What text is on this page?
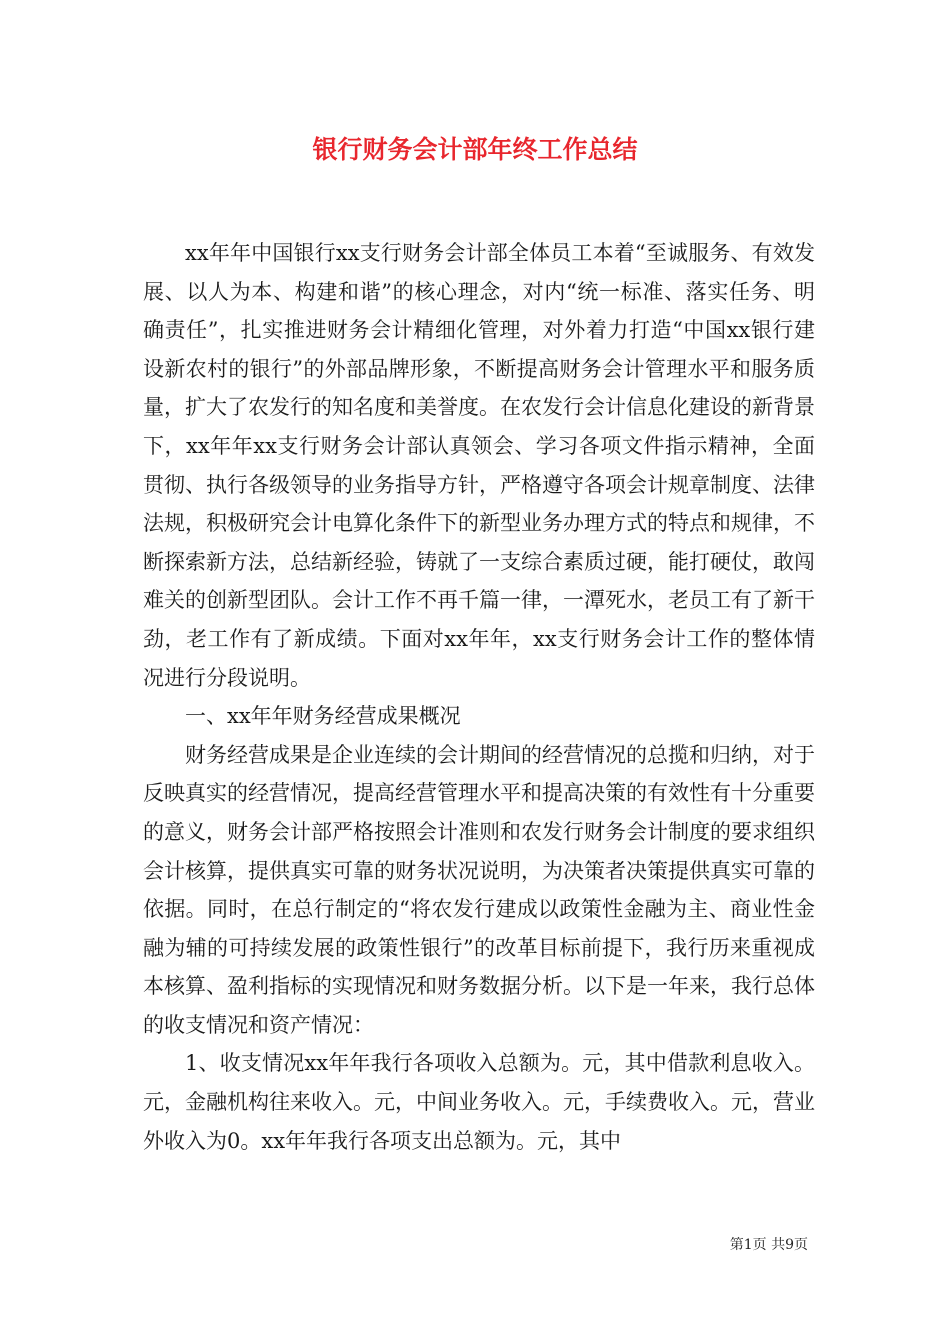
银行财务会计部年终工作总结

xx年年中国银行xx支行财务会计部全体员工本着“至诚服务、有效发展、以人为本、构建和谐”的核心理念，对内“统一标准、落实任务、明确责任”，扎实推进财务会计精细化管理，对外着力打造“中国xx银行建设新农村的银行”的外部品牌形象，不断提高财务会计管理水平和服务质量，扩大了农发行的知名度和美誉度。在农发行会计信息化建设的新背景下，xx年年xx支行财务会计部认真领会、学习各项文件指示精神，全面贯彻、执行各级领导的业务指导方针，严格遵守各项会计规章制度、法律法规，积极研究会计电算化条件下的新型业务办理方式的特点和规律，不断探索新方法，总结新经验，铸就了一支综合素质过硬，能打硬仗，敢闯难关的创新型团队。会计工作不再千篇一律，一潭死水，老员工有了新干劲，老工作有了新成绩。下面对xx年年，xx支行财务会计工作的整体情况进行分段说明。

一、xx年年财务经营成果概况

财务经营成果是企业连续的会计期间的经营情况的总揽和归纳，对于反映真实的经营情况，提高经营管理水平和提高决策的有效性有十分重要的意义，财务会计部严格按照会计准则和农发行财务会计制度的要求组织会计核算，提供真实可靠的财务状况说明，为决策者决策提供真实可靠的依据。同时，在总行制定的“将农发行建成以政策性金融为主、商业性金融为辅的可持续发展的政策性银行”的改革目标前提下，我行历来重视成本核算、盈利指标的实现情况和财务数据分析。以下是一年来，我行总体的收支情况和资产情况：

1、收支情况xx年年我行各项收入总额为。元，其中借款利息收入。元，金融机构往来收入。元，中间业务收入。元，手续费收入。元，营业外收入为0。xx年年我行各项支出总额为。元，其中

第1页 共9页
